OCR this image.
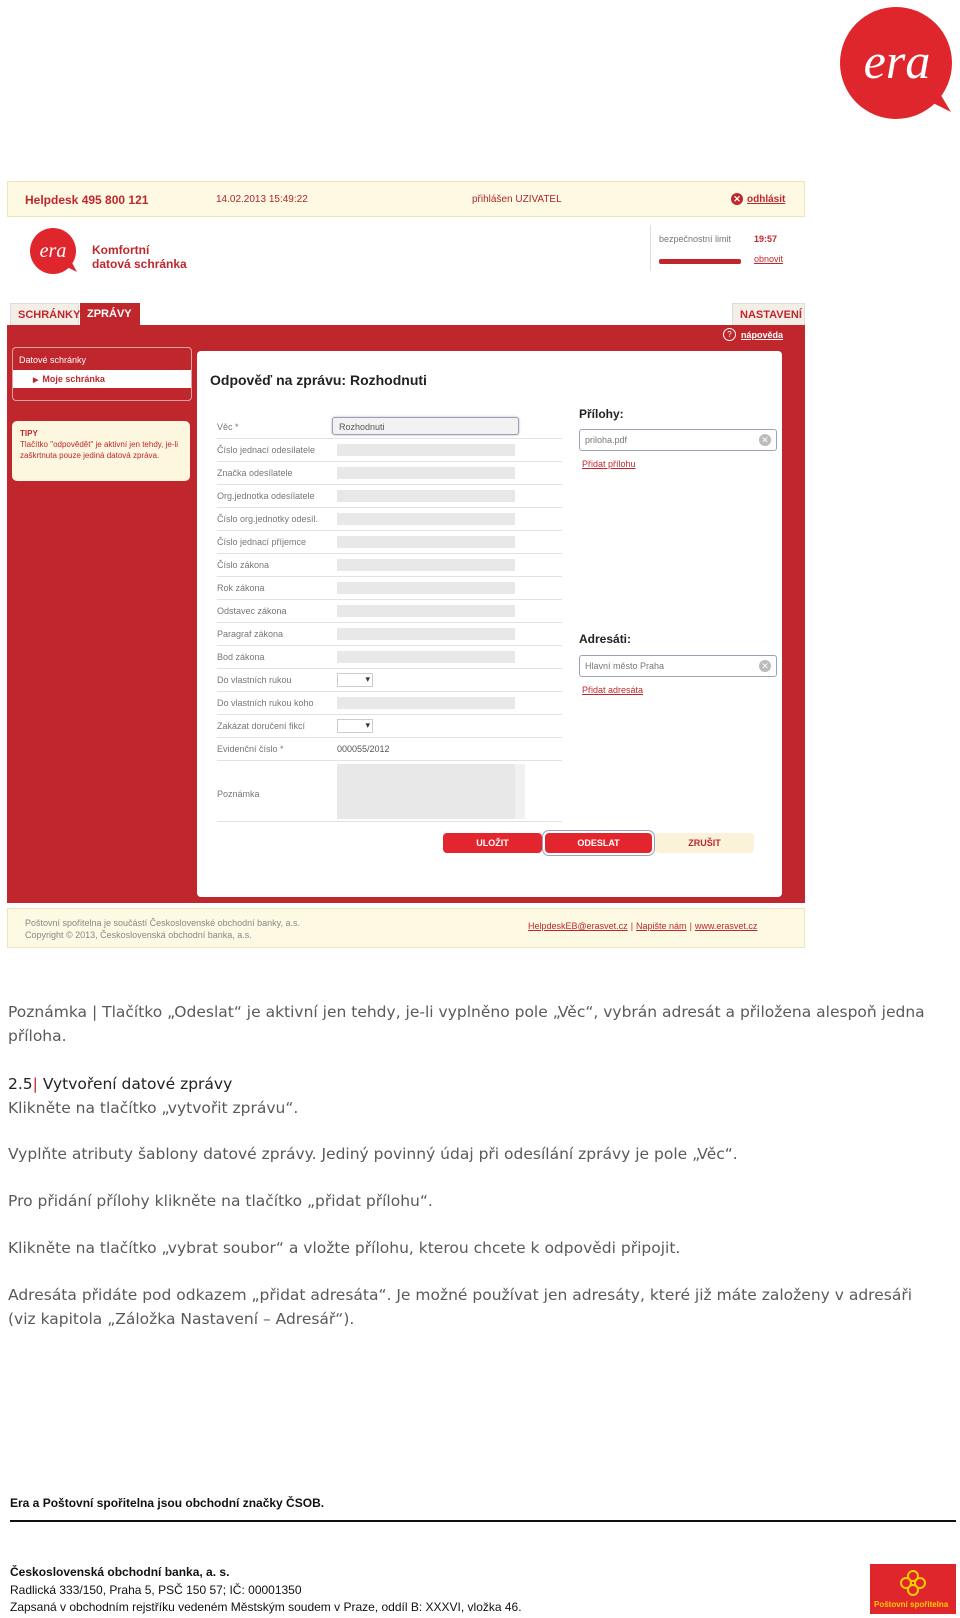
era
Helpdesk 495 800 121	14.02.2013 15:49:22	přihlášen UZIVATEL	✕ odhlásit
era Komfortní
datová schránka
bezpečnostní limit	19:57
obnovit
SCHRÁNKY ZPRÁVY	NASTAVENÍ
?	nápověda
Datové schránky
▶ Moje schránka
TIPY
Tlačítko "odpovědět" je aktivní jen tehdy, je-li zaškrtnuta pouze jediná datová zpráva.
Odpověď na zprávu: Rozhodnuti
Věc *	Rozhodnuti
Číslo jednací odesílatele
Značka odesílatele
Org.jednotka odesílatele
Číslo org.jednotky odesíl.
Číslo jednací příjemce
Číslo zákona
Rok zákona
Odstavec zákona
Paragraf zákona
Bod zákona
Do vlastních rukou
▾
Do vlastních rukou koho
Zakázat doručení fikcí
▾
Evidenční číslo *	000055/2012
Poznámka
Přílohy:
priloha.pdf	✕
Přidat přílohu
Adresáti:
Hlavní město Praha	✕
Přidat adresáta
ULOŽIT	ODESLAT	ZRUŠIT
Poštovní spořitelna je součástí Československé obchodní banky, a.s.
Copyright © 2013, Československá obchodní banka, a.s.
HelpdeskEB@erasvet.cz | Napište nám | www.erasvet.cz
Poznámka | Tlačítko „Odeslat“ je aktivní jen tehdy, je-li vyplněno pole „Věc“, vybrán adresát a přiložena alespoň jedna příloha.
2.5| Vytvoření datové zprávy
Klikněte na tlačítko „vytvořit zprávu“.
Vyplňte atributy šablony datové zprávy. Jediný povinný údaj při odesílání zprávy je pole „Věc“.
Pro přidání přílohy klikněte na tlačítko „přidat přílohu“.
Klikněte na tlačítko „vybrat soubor“ a vložte přílohu, kterou chcete k odpovědi připojit.
Adresáta přidáte pod odkazem „přidat adresáta“. Je možné používat jen adresáty, které již máte založeny v adresáři (viz kapitola „Záložka Nastavení – Adresář“).
Era a Poštovní spořitelna jsou obchodní značky ČSOB.
Československá obchodní banka, a. s.
Radlická 333/150, Praha 5, PSČ 150 57; IČ: 00001350
Zapsaná v obchodním rejstříku vedeném Městským soudem v Praze, oddíl B: XXXVI, vložka 46.	Poštovní spořitelna
